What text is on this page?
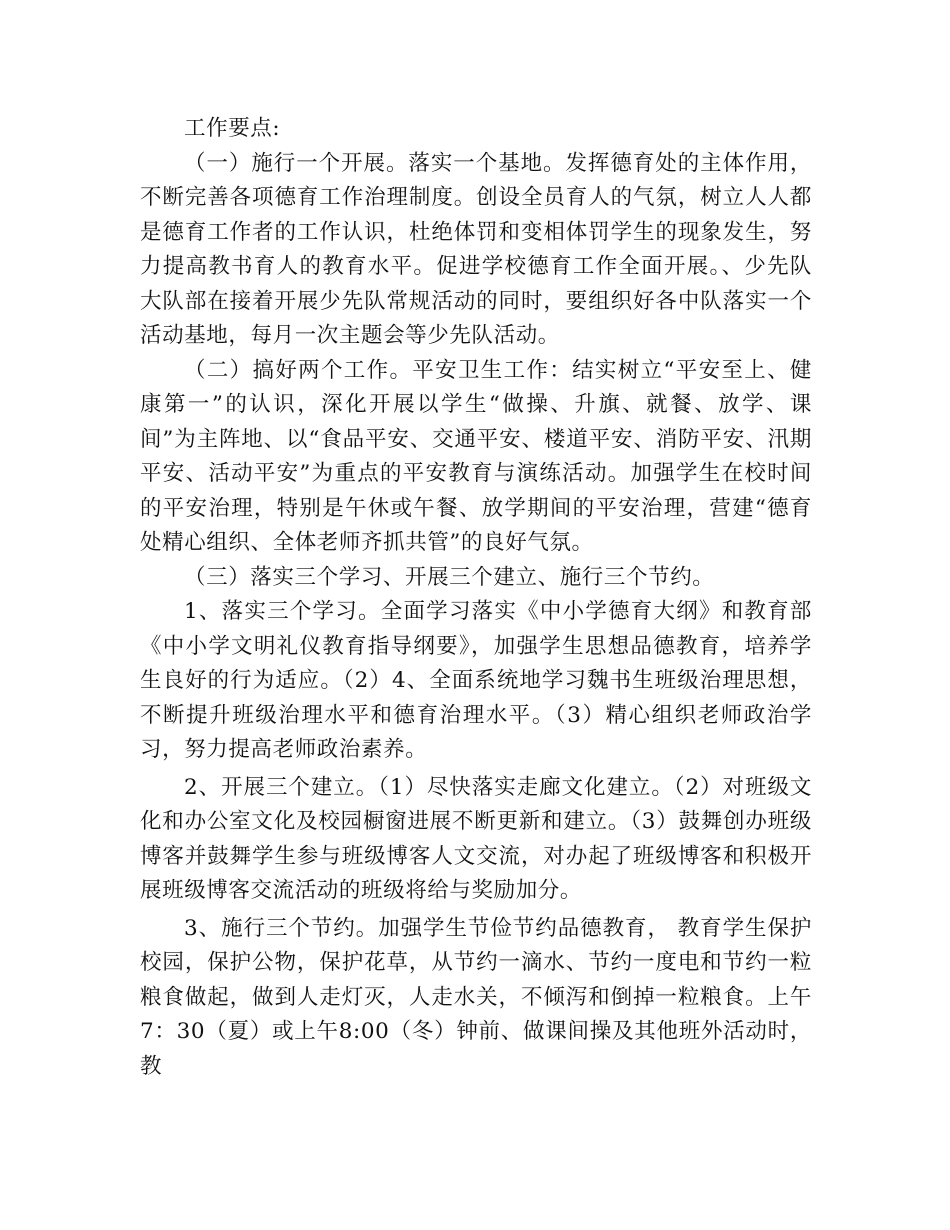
工作要点:

（一）施行一个开展。落实一个基地。发挥德育处的主体作用，不断完善各项德育工作治理制度。创设全员育人的气氛，树立人人都是德育工作者的工作认识，杜绝体罚和变相体罚学生的现象发生，努力提高教书育人的教育水平。促进学校德育工作全面开展。、少先队大队部在接着开展少先队常规活动的同时，要组织好各中队落实一个活动基地，每月一次主题会等少先队活动。

（二）搞好两个工作。平安卫生工作：结实树立“平安至上、健康第一”的认识，深化开展以学生“做操、升旗、就餐、放学、课间”为主阵地、以“食品平安、交通平安、楼道平安、消防平安、汛期平安、活动平安”为重点的平安教育与演练活动。加强学生在校时间的平安治理，特别是午休或午餐、放学期间的平安治理，营建“德育处精心组织、全体老师齐抓共管”的良好气氛。

（三）落实三个学习、开展三个建立、施行三个节约。

1、落实三个学习。全面学习落实《中小学德育大纲》和教育部《中小学文明礼仪教育指导纲要》，加强学生思想品德教育，培养学生良好的行为适应。（2）4、全面系统地学习魏书生班级治理思想，不断提升班级治理水平和德育治理水平。（3）精心组织老师政治学习，努力提高老师政治素养。

2、开展三个建立。（1）尽快落实走廊文化建立。（2）对班级文化和办公室文化及校园橱窗进展不断更新和建立。（3）鼓舞创办班级博客并鼓舞学生参与班级博客人文交流，对办起了班级博客和积极开展班级博客交流活动的班级将给与奖励加分。

3、施行三个节约。加强学生节俭节约品德教育， 教育学生保护校园，保护公物，保护花草，从节约一滴水、节约一度电和节约一粒粮食做起，做到人走灯灭，人走水关，不倾泻和倒掉一粒粮食。上午7：30（夏）或上午8:00（冬）钟前、做课间操及其他班外活动时，教
